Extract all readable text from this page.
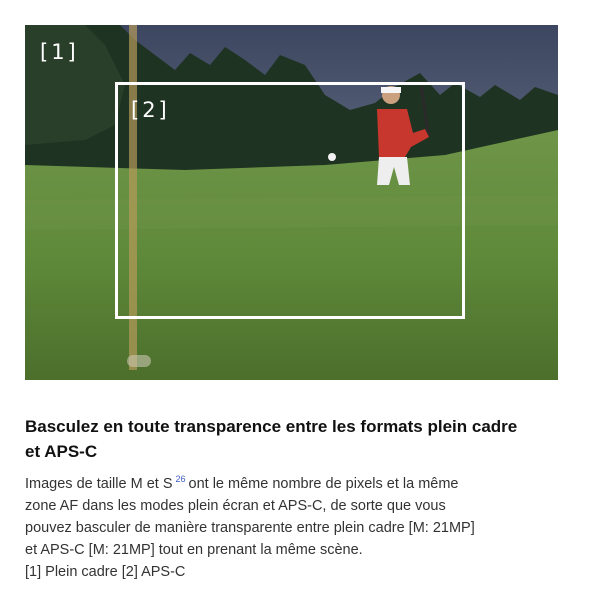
[1]
[2]
Basculez en toute transparence entre les formats plein cadre
et APS-C

Images de taille M et S $^{26}$ ont le même nombre de pixels et la même
zone AF dans les modes plein écran et APS-C, de sorte que vous
pouvez basculer de manière transparente entre plein cadre [M: 21MP]
et APS-C [M: 21MP] tout en prenant la même scène.
[1] Plein cadre [2] APS-C
